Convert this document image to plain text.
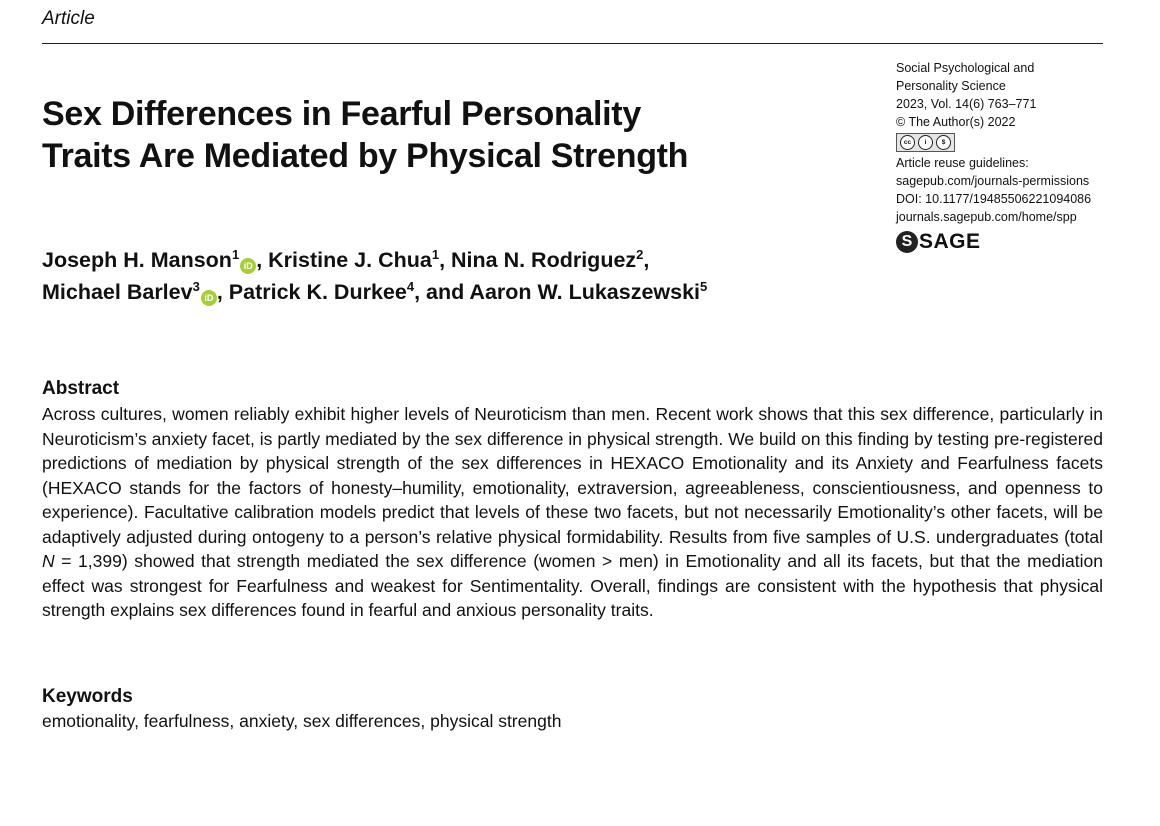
Article
Sex Differences in Fearful Personality
Traits Are Mediated by Physical Strength
Joseph H. Manson$^1$iD , Kristine J. Chua$^1$, Nina N. Rodriguez$^2$,
Michael Barlev$^3$iD , Patrick K. Durkee$^4$, and Aaron W. Lukaszewski$^5$
Social Psychological and
Personality Science
2023, Vol. 14(6) 763–771
© The Author(s) 2022
cc	i	$
Article reuse guidelines:
sagepub.com/journals-permissions
DOI: 10.1177/19485506221094086
journals.sagepub.com/home/spp
S SAGE
Abstract

Across cultures, women reliably exhibit higher levels of Neuroticism than men. Recent work shows that this sex difference, particularly in Neuroticism’s anxiety facet, is partly mediated by the sex difference in physical strength. We build on this finding by testing pre-registered predictions of mediation by physical strength of the sex differences in HEXACO Emotionality and its Anxiety and Fearfulness facets (HEXACO stands for the factors of honesty–humility, emotionality, extraversion, agreeableness, conscientiousness, and openness to experience). Facultative calibration models predict that levels of these two facets, but not necessarily Emotionality’s other facets, will be adaptively adjusted during ontogeny to a person’s relative physical formidability. Results from five samples of U.S. undergraduates (total N = 1,399) showed that strength mediated the sex difference (women > men) in Emotionality and all its facets, but that the mediation effect was strongest for Fearfulness and weakest for Sentimentality. Overall, findings are consistent with the hypothesis that physical strength explains sex differences found in fearful and anxious personality traits.

Keywords
emotionality, fearfulness, anxiety, sex differences, physical strength
